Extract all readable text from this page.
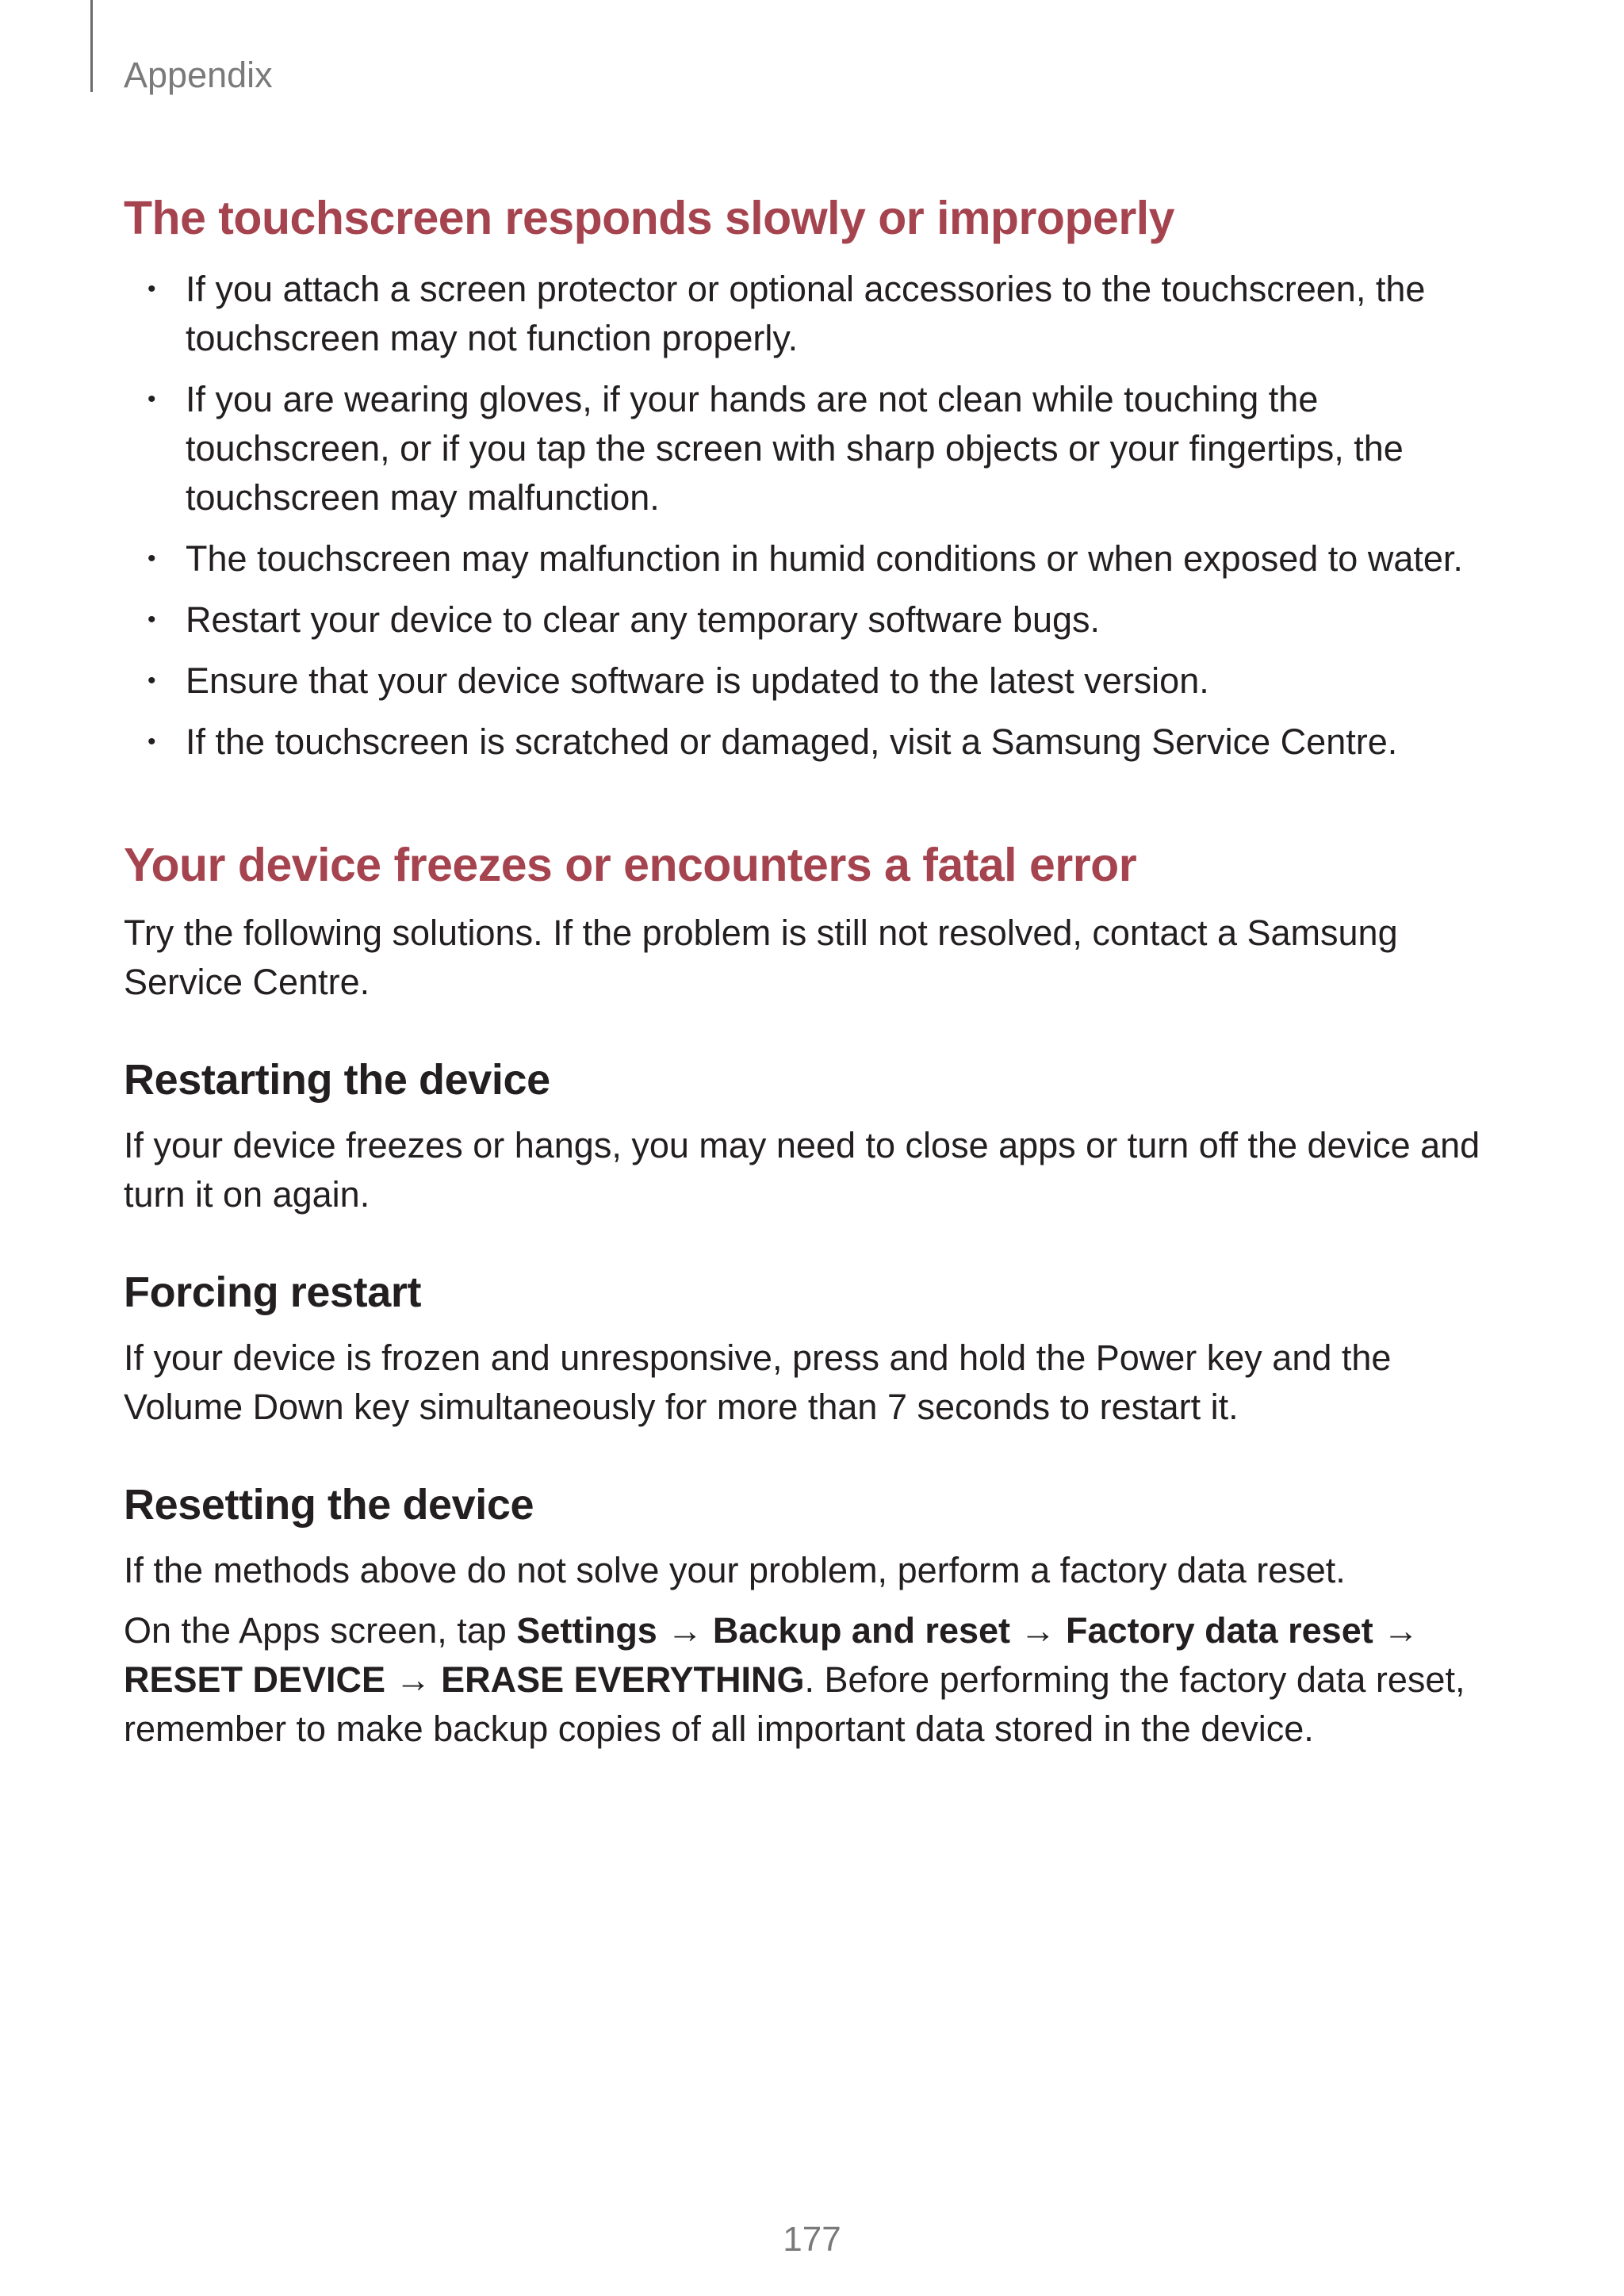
Appendix
The touchscreen responds slowly or improperly
• If you attach a screen protector or optional accessories to the touchscreen, the touchscreen may not function properly.
• If you are wearing gloves, if your hands are not clean while touching the touchscreen, or if you tap the screen with sharp objects or your fingertips, the touchscreen may malfunction.
• The touchscreen may malfunction in humid conditions or when exposed to water.
• Restart your device to clear any temporary software bugs.
• Ensure that your device software is updated to the latest version.
• If the touchscreen is scratched or damaged, visit a Samsung Service Centre.
Your device freezes or encounters a fatal error

Try the following solutions. If the problem is still not resolved, contact a Samsung Service Centre.

Restarting the device

If your device freezes or hangs, you may need to close apps or turn off the device and turn it on again.

Forcing restart

If your device is frozen and unresponsive, press and hold the Power key and the Volume Down key simultaneously for more than 7 seconds to restart it.

Resetting the device

If the methods above do not solve your problem, perform a factory data reset.

On the Apps screen, tap Settings → Backup and reset → Factory data reset → RESET DEVICE → ERASE EVERYTHING. Before performing the factory data reset, remember to make backup copies of all important data stored in the device.

177
